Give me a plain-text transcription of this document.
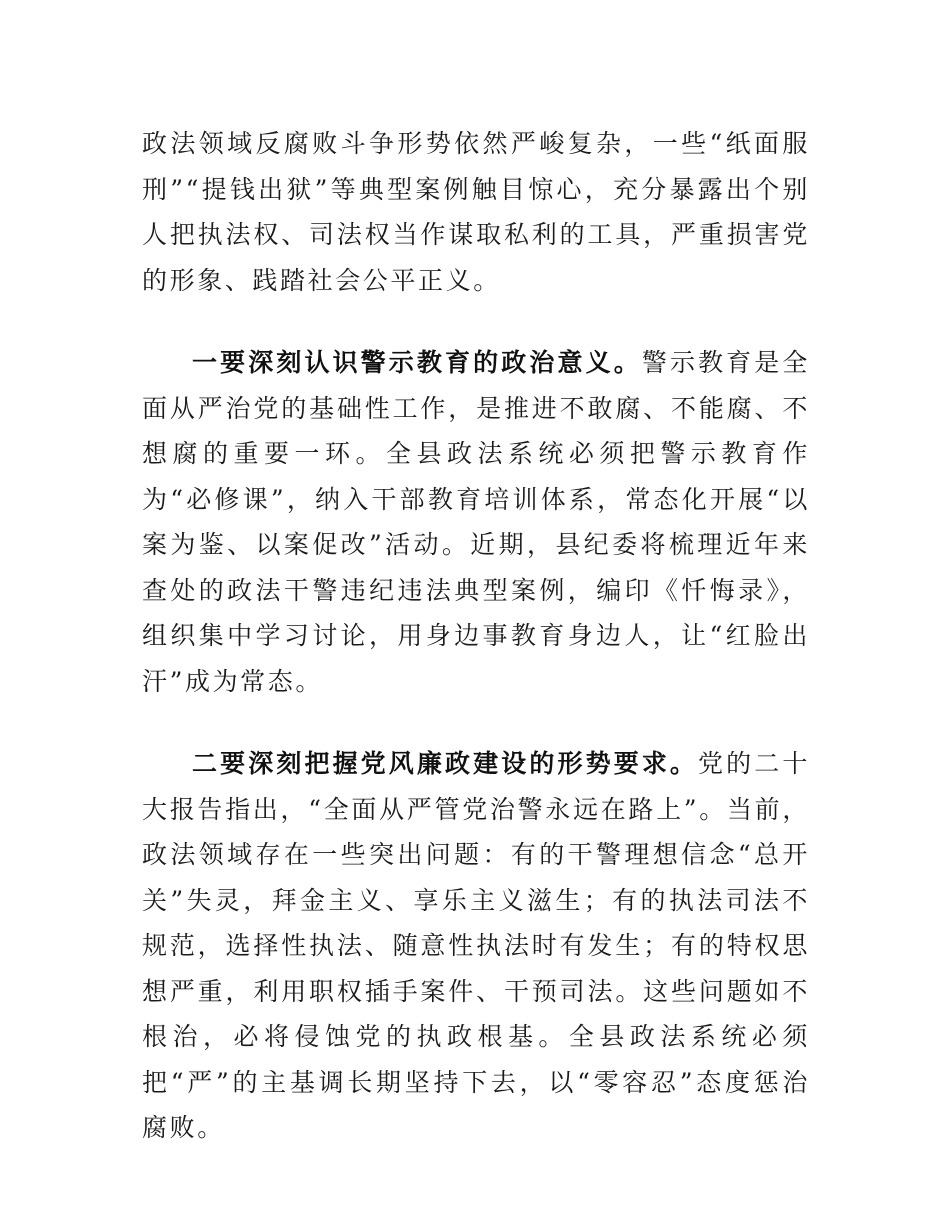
政法领域反腐败斗争形势依然严峻复杂，一些“纸面服刑”“提钱出狱”等典型案例触目惊心，充分暴露出个别人把执法权、司法权当作谋取私利的工具，严重损害党的形象、践踏社会公平正义。

一要深刻认识警示教育的政治意义。警示教育是全面从严治党的基础性工作，是推进不敢腐、不能腐、不想腐的重要一环。全县政法系统必须把警示教育作为“必修课”，纳入干部教育培训体系，常态化开展“以案为鉴、以案促改”活动。近期，县纪委将梳理近年来查处的政法干警违纪违法典型案例，编印《忏悔录》，组织集中学习讨论，用身边事教育身边人，让“红脸出汗”成为常态。

二要深刻把握党风廉政建设的形势要求。党的二十大报告指出，“全面从严管党治警永远在路上”。当前，政法领域存在一些突出问题：有的干警理想信念“总开关”失灵，拜金主义、享乐主义滋生；有的执法司法不规范，选择性执法、随意性执法时有发生；有的特权思想严重，利用职权插手案件、干预司法。这些问题如不根治，必将侵蚀党的执政根基。全县政法系统必须把“严”的主基调长期坚持下去，以“零容忍”态度惩治腐败。
